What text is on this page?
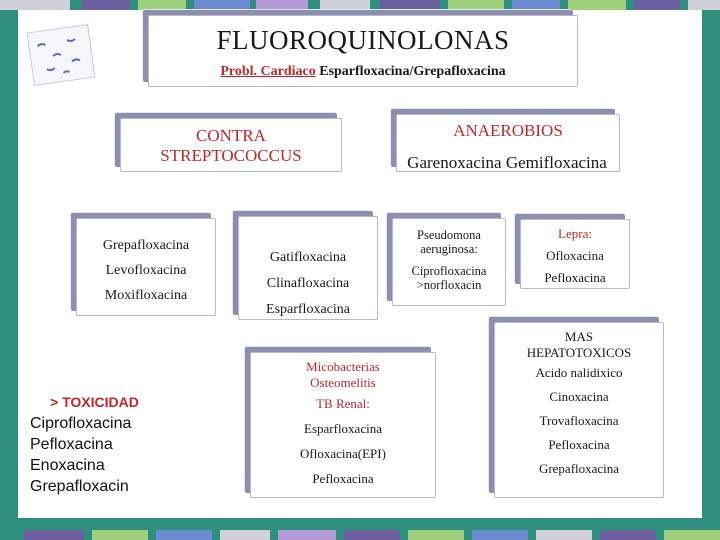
FLUOROQUINOLONAS
Probl. Cardiaco Esparfloxacina/Grepafloxacina
CONTRA
STREPTOCOCCUS
ANAEROBIOS
Garenoxacina Gemifloxacina
Grepafloxacina
Levofloxacina
Moxifloxacina
Gatifloxacina
Clinafloxacina
Esparfloxacina
Pseudomona
aeruginosa:
Ciprofloxacina
>norfloxacin
Lepra:
Ofloxacina
Pefloxacina
Micobacterias
Osteomelitis
TB Renal:
Esparfloxacina
Ofloxacina(EPI)
Pefloxacina
MAS
HEPATOTOXICOS
Acido nalidixico
Cinoxacina
Trovafloxacina
Pefloxacina
Grepafloxacina
> TOXICIDAD
Ciprofloxacina
Pefloxacina
Enoxacina
Grepafloxacin
